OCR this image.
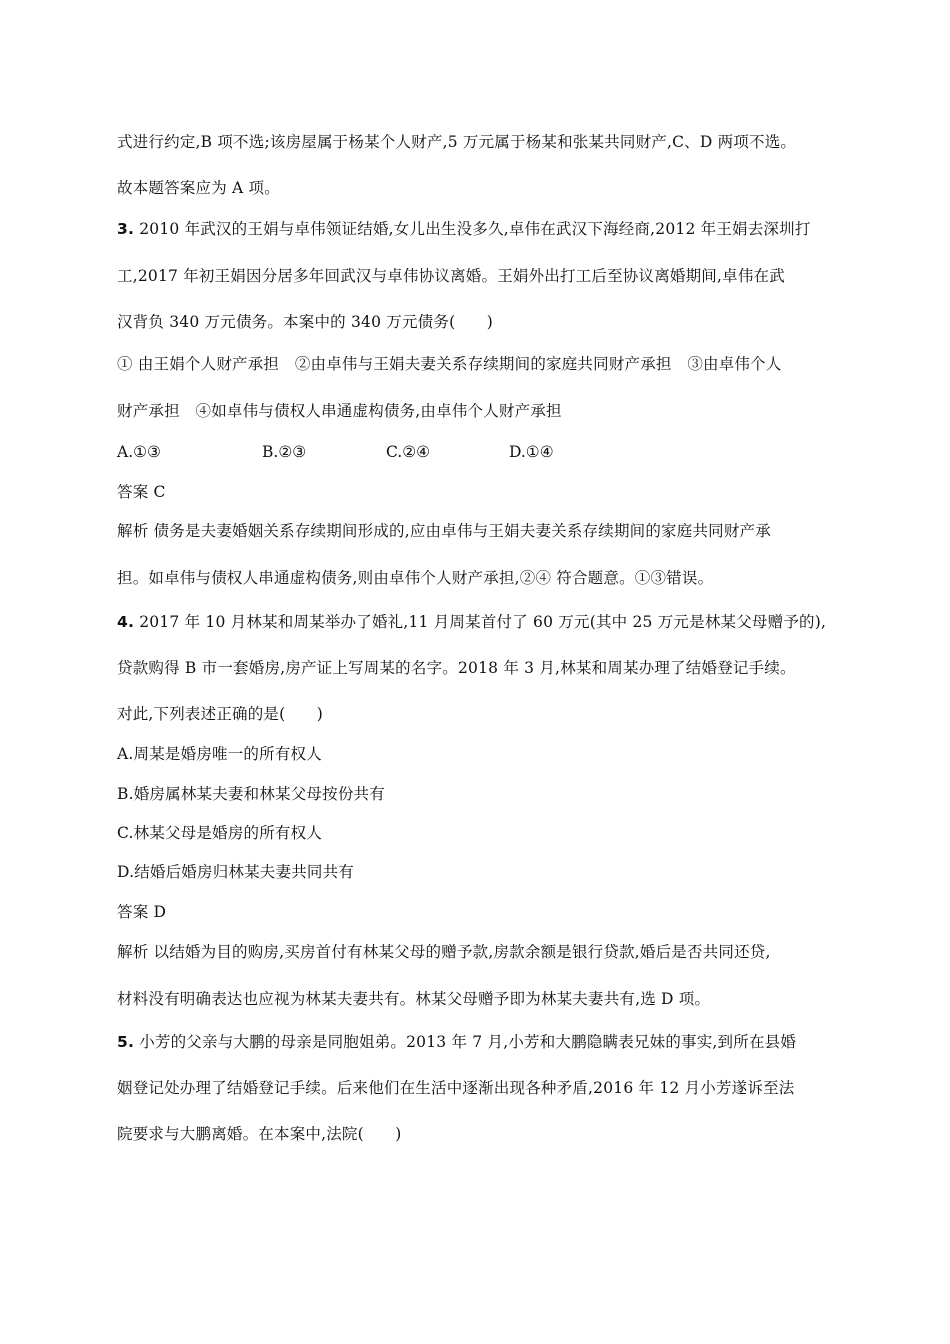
式进行约定,B 项不选;该房屋属于杨某个人财产,5 万元属于杨某和张某共同财产,C、D 两项不选。
故本题答案应为 A 项。
3. 2010 年武汉的王娟与卓伟领证结婚,女儿出生没多久,卓伟在武汉下海经商,2012 年王娟去深圳打
工,2017 年初王娟因分居多年回武汉与卓伟协议离婚。王娟外出打工后至协议离婚期间,卓伟在武
汉背负 340 万元债务。本案中的 340 万元债务(　　)
① 由王娟个人财产承担　②由卓伟与王娟夫妻关系存续期间的家庭共同财产承担　③由卓伟个人
财产承担　④如卓伟与债权人串通虚构债务,由卓伟个人财产承担
A.①③	B.②③	C.②④	D.①④
答案 C
解析 债务是夫妻婚姻关系存续期间形成的,应由卓伟与王娟夫妻关系存续期间的家庭共同财产承
担。如卓伟与债权人串通虚构债务,则由卓伟个人财产承担,②④ 符合题意。①③错误。
4. 2017 年 10 月林某和周某举办了婚礼,11 月周某首付了 60 万元(其中 25 万元是林某父母赠予的),
贷款购得 B 市一套婚房,房产证上写周某的名字。2018 年 3 月,林某和周某办理了结婚登记手续。
对此,下列表述正确的是(　　)
A.周某是婚房唯一的所有权人
B.婚房属林某夫妻和林某父母按份共有
C.林某父母是婚房的所有权人
D.结婚后婚房归林某夫妻共同共有
答案 D
解析 以结婚为目的购房,买房首付有林某父母的赠予款,房款余额是银行贷款,婚后是否共同还贷,
材料没有明确表达也应视为林某夫妻共有。林某父母赠予即为林某夫妻共有,选 D 项。
5. 小芳的父亲与大鹏的母亲是同胞姐弟。2013 年 7 月,小芳和大鹏隐瞒表兄妹的事实,到所在县婚
姻登记处办理了结婚登记手续。后来他们在生活中逐渐出现各种矛盾,2016 年 12 月小芳遂诉至法
院要求与大鹏离婚。在本案中,法院(　　)
